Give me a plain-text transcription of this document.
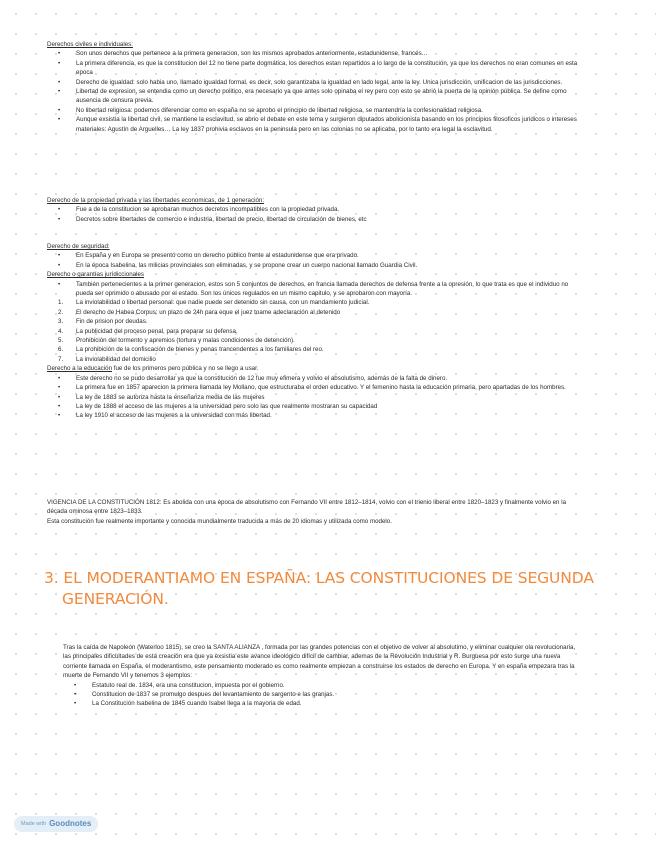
Derechos civiles e individuales:
• Son unos derechos que pertenece a la primera generacion, son los mismos aprobados anteriormente, estadunidense, francés…
• La primera diferencia, es que la constitucion del 12 no tiene parte dogmática, los derechos estan repartidos a lo largo de la constitución, ya que los derechos no eran comunes en esta epoca
• Derecho de igualdad: solo habia uno, llamado igualdad formal, es decir, solo garantizaba la igualdad en lado legal, ante la ley. Unica jurisdicción, unificacion de las jurisdicciones.
• Libertad de expresion, se entendia como un derecho politico, era necesario ya que antes solo opinaba el rey pero con esto se abrió la puerta de la opinión pública. Se define como ausencia de censura previa.
• No libertad religiosa: podemos diferenciar como en españa no se aprobo el principio de libertad religiosa, se mantendría la confesionalidad religiosa.
• Aunque exsistia la libertad civil, se mantiene la esclavitud, se abrio el debate en este tema y surgieron diputados abolicionista basando en los principios filosoficos juridicos o intereses materiales: Agustín de Arguelles… La ley 1837 prohivia esclavos en la peninsula pero en las colonias no se aplicaba, por lo tanto era legal la esclavitud.
Derecho de la propiedad privada y las libertades economicas, de 1 generación:
• Fue a de la constitucion se aprobaran muchos decretos incompatibles con la propiedad privada.
• Decretos sobre libertades de comercio e industria, libertad de precio, libertad de circulación de bienes, etc
Derecho de seguridad:
• En España y en Europa se presentó como un derecho público frente al estadunidense que era privado.
• En la época Isabelina, las milicias provinciales son eliminadas, y se propone crear un cuerpo nacional llamado Guardia Civil.
Derecho o garantías jurídiccionales
• También pertenecientes a la primer generacion, estos son 5 conjuntos de derechos, en francia llamada derechos de defensa frente a la opresión, lo que trata es que el individuo no pueda ser oprimido o abusado por el estado. Son los únicos regulados en un mismo capitulo, y se aprobaron con mayoría.
1. La inviolabilidad o libertad personal: que nadie puede ser detenido sin causa, con un mandamiento judicial.
2. El derecho de Habea Corpus: un plazo de 24h para eque el juez toame adeclaración al detenido
3. Fin de prision por deudas.
4. La publicidad del proceso penal, para preparar su defensa.
5. Prohibición del tormento y apremios (tortura y malas condiciones de detención).
6. La prohibición de la confiscación de bienes y penas trancendentes a los familiares del reo.
7. La inviolabilidad del domicilio
Derecho a la educación fue de los primeros pero pública y no se llego a usar.
• Este derecho no se pudo desarrollar ya que la constitución de 12 fue muy efimera y volvio el absolutismo, además de la falta de dinero.
• La primera fue en 1857 aparecion la primera llamada ley Mollano, que estructuraba el orden educativo. Y el femenino hasta la educación primaria, pero apartadas de los hombres.
• La ley de 1883 se autoriza hasta la enseñanza media de las mujeres
• La ley de 1888 el acceso de las mujeres a la universidad pero solo las que realmente mostraran su capacidad
• La ley 1910 el acceso de las mujeres a la universidad con más libertad.

VIGENCIA DE LA CONSTITUCIÓN 1812: Es abolida con una época de absolutismo con Fernando VII entre 1812–1814, volvio con el trienio liberal entre 1820–1823 y finalmente volvio en la década ominosa entre 1823–1833.

Esta constitución fue realmente importante y conocida mundialmente traducida a más de 20 idiomas y utilizada como modelo.

3. EL MODERANTIAMO EN ESPAÑA: LAS CONSTITUCIONES DE SEGUNDA
GENERACIÓN.

Tras la caída de Napoleón (Waterloo 1815), se creo la SANTA ALIANZA , formada por las grandes potencias con el objetivo de volver al absolutimo, y eliminar cualquier ola revolucionaria, las principales dificultades de esta creación era que ya exsistia este avance ideológico difícil de cambiar, ademas de la Revolución Industrial y R. Burguesa por esto surge una nueva corriente llamada en España, el moderantismo, este pensamiento moderado es como realmente empiezan a construirse los estados de derecho en Europa. Y en españa empezara tras la muerte de Fernando VII y tenemos 3 ejemplos:

• Estatuto real de. 1834, era una constitucion, impuesta por el gobierno.
• Constitucion de 1837 se promulgo despues del levantamiento de sargento e las granjas.
• La Constitución Isabelina de 1845 cuando Isabel llega a la mayoria de edad.
Made with Goodnotes
